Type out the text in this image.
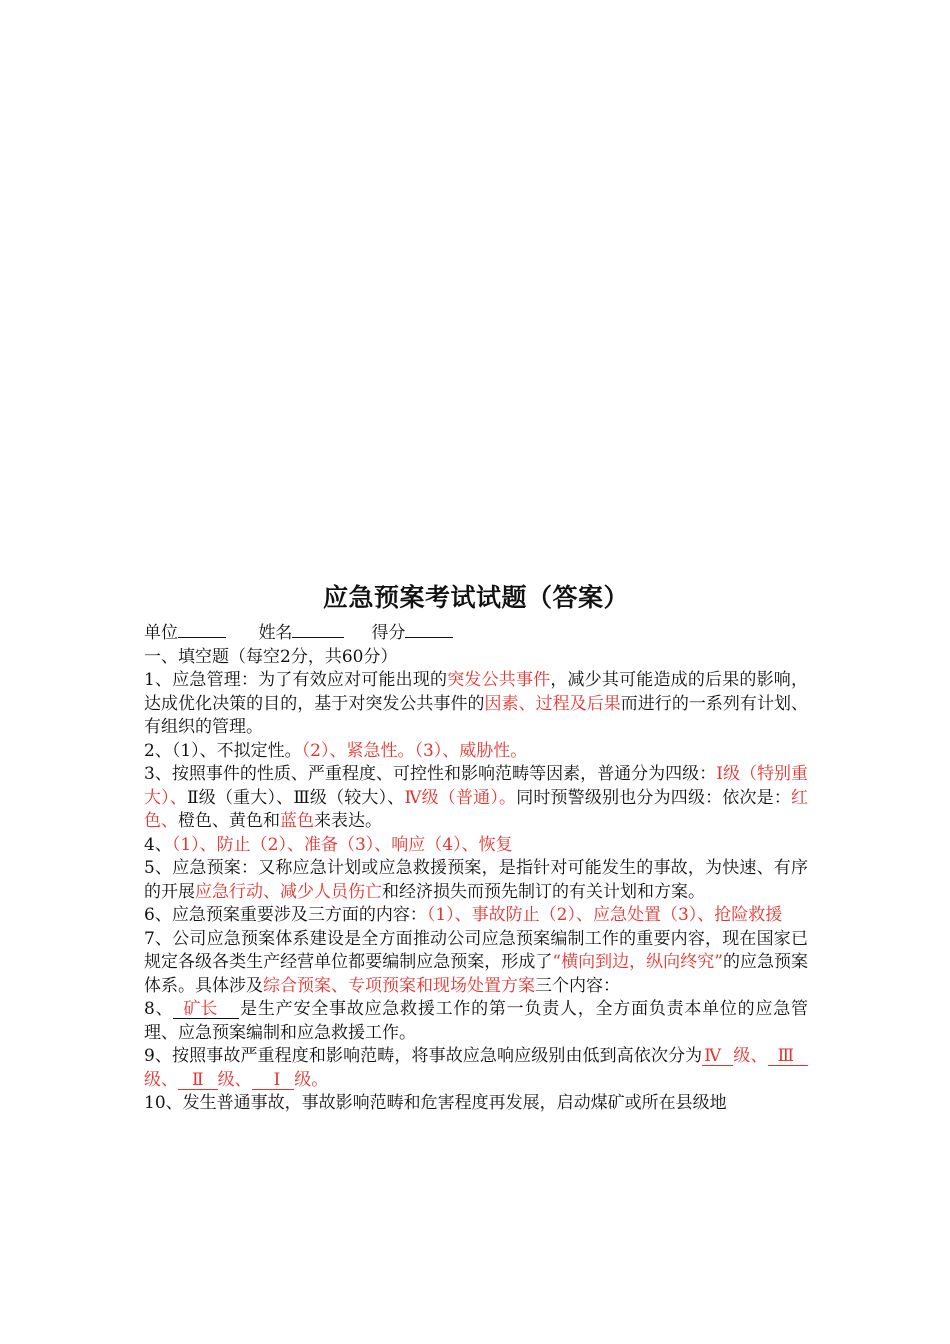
应急预案考试试题（答案）

单位	姓名	得分

一、填空题（每空2分，共60分）

1、应急管理：为了有效应对可能出现的突发公共事件，减少其可能造成的后果的影响，达成优化决策的目的，基于对突发公共事件的因素、过程及后果而进行的一系列有计划、有组织的管理。

2、（1）、不拟定性。（2）、紧急性。（3）、威胁性。

3、按照事件的性质、严重程度、可控性和影响范畴等因素，普通分为四级：Ⅰ级（特别重大）、Ⅱ级（重大）、Ⅲ级（较大）、Ⅳ级（普通）。同时预警级别也分为四级：依次是：红色、橙色、黄色和蓝色来表达。

4、（1）、防止（2）、准备（3）、响应（4）、恢复

5、应急预案：又称应急计划或应急救援预案，是指针对可能发生的事故，为快速、有序的开展应急行动、减少人员伤亡和经济损失而预先制订的有关计划和方案。

6、应急预案重要涉及三方面的内容：（1）、事故防止（2）、应急处置（3）、抢险救援

7、公司应急预案体系建设是全方面推动公司应急预案编制工作的重要内容，现在国家已规定各级各类生产经营单位都要编制应急预案，形成了“横向到边，纵向终究”的应急预案体系。具体涉及综合预案、专项预案和现场处置方案三个内容：

8、 矿长 是生产安全事故应急救援工作的第一负责人，全方面负责本单位的应急管理、应急预案编制和应急救援工作。

9、按照事故严重程度和影响范畴，将事故应急响应级别由低到高依次分为 Ⅳ 级、 Ⅲ级、 Ⅱ 级、 Ⅰ 级。

10、发生普通事故，事故影响范畴和危害程度再发展，启动煤矿或所在县级地
